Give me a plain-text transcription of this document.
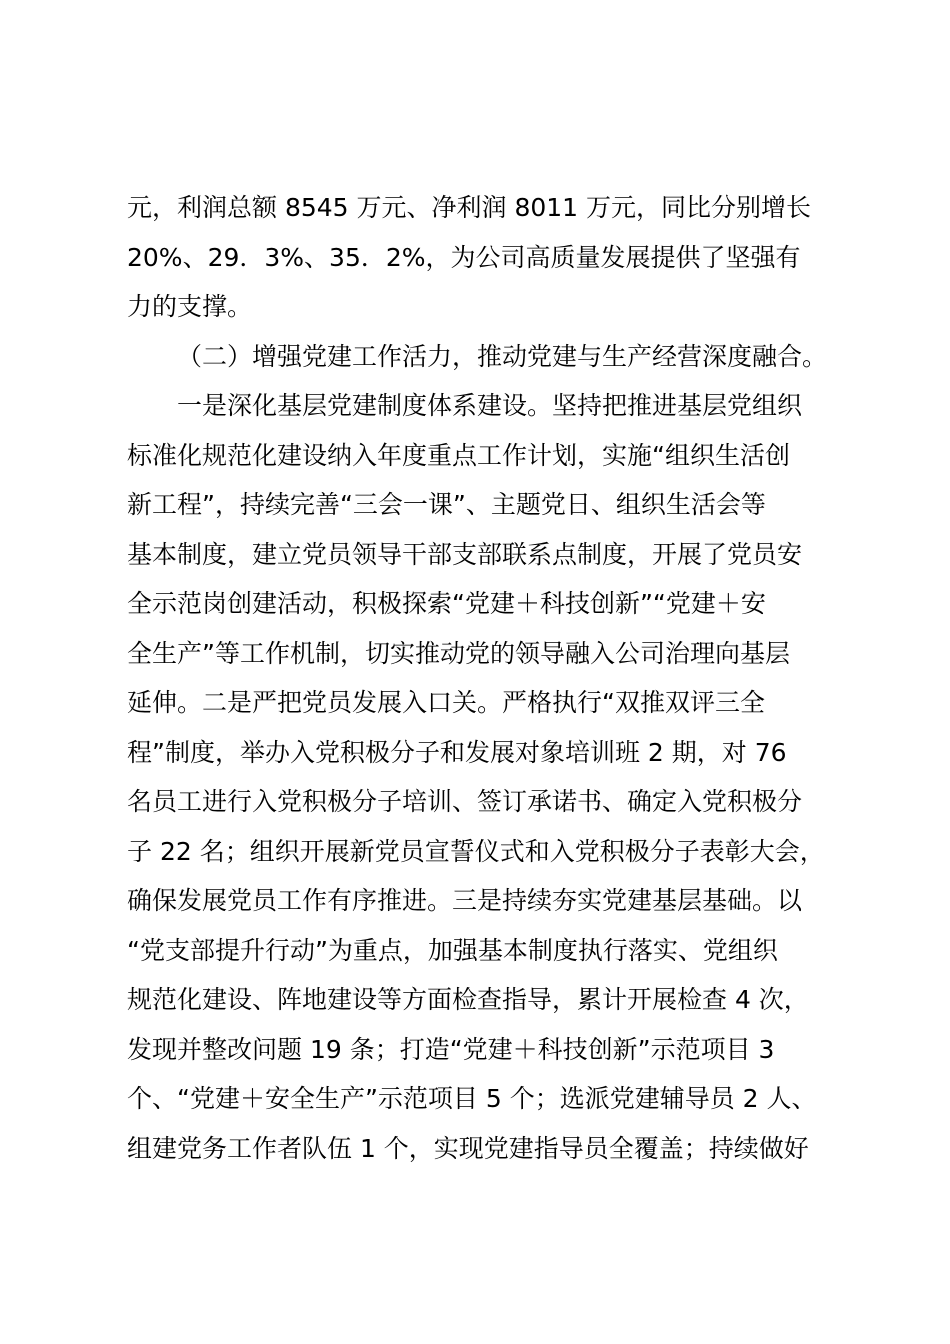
元，利润总额 8545 万元、净利润 8011 万元，同比分别增长
20%、29．3%、35．2%，为公司高质量发展提供了坚强有
力的支撑。
（二）增强党建工作活力，推动党建与生产经营深度融合。
一是深化基层党建制度体系建设。坚持把推进基层党组织
标准化规范化建设纳入年度重点工作计划，实施“组织生活创
新工程”，持续完善“三会一课”、主题党日、组织生活会等
基本制度，建立党员领导干部支部联系点制度，开展了党员安
全示范岗创建活动，积极探索“党建＋科技创新”“党建＋安
全生产”等工作机制，切实推动党的领导融入公司治理向基层
延伸。二是严把党员发展入口关。严格执行“双推双评三全
程”制度，举办入党积极分子和发展对象培训班 2 期，对 76
名员工进行入党积极分子培训、签订承诺书、确定入党积极分
子 22 名；组织开展新党员宣誓仪式和入党积极分子表彰大会，
确保发展党员工作有序推进。三是持续夯实党建基层基础。以
“党支部提升行动”为重点，加强基本制度执行落实、党组织
规范化建设、阵地建设等方面检查指导，累计开展检查 4 次，
发现并整改问题 19 条；打造“党建＋科技创新”示范项目 3
个、“党建＋安全生产”示范项目 5 个；选派党建辅导员 2 人、
组建党务工作者队伍 1 个，实现党建指导员全覆盖；持续做好
